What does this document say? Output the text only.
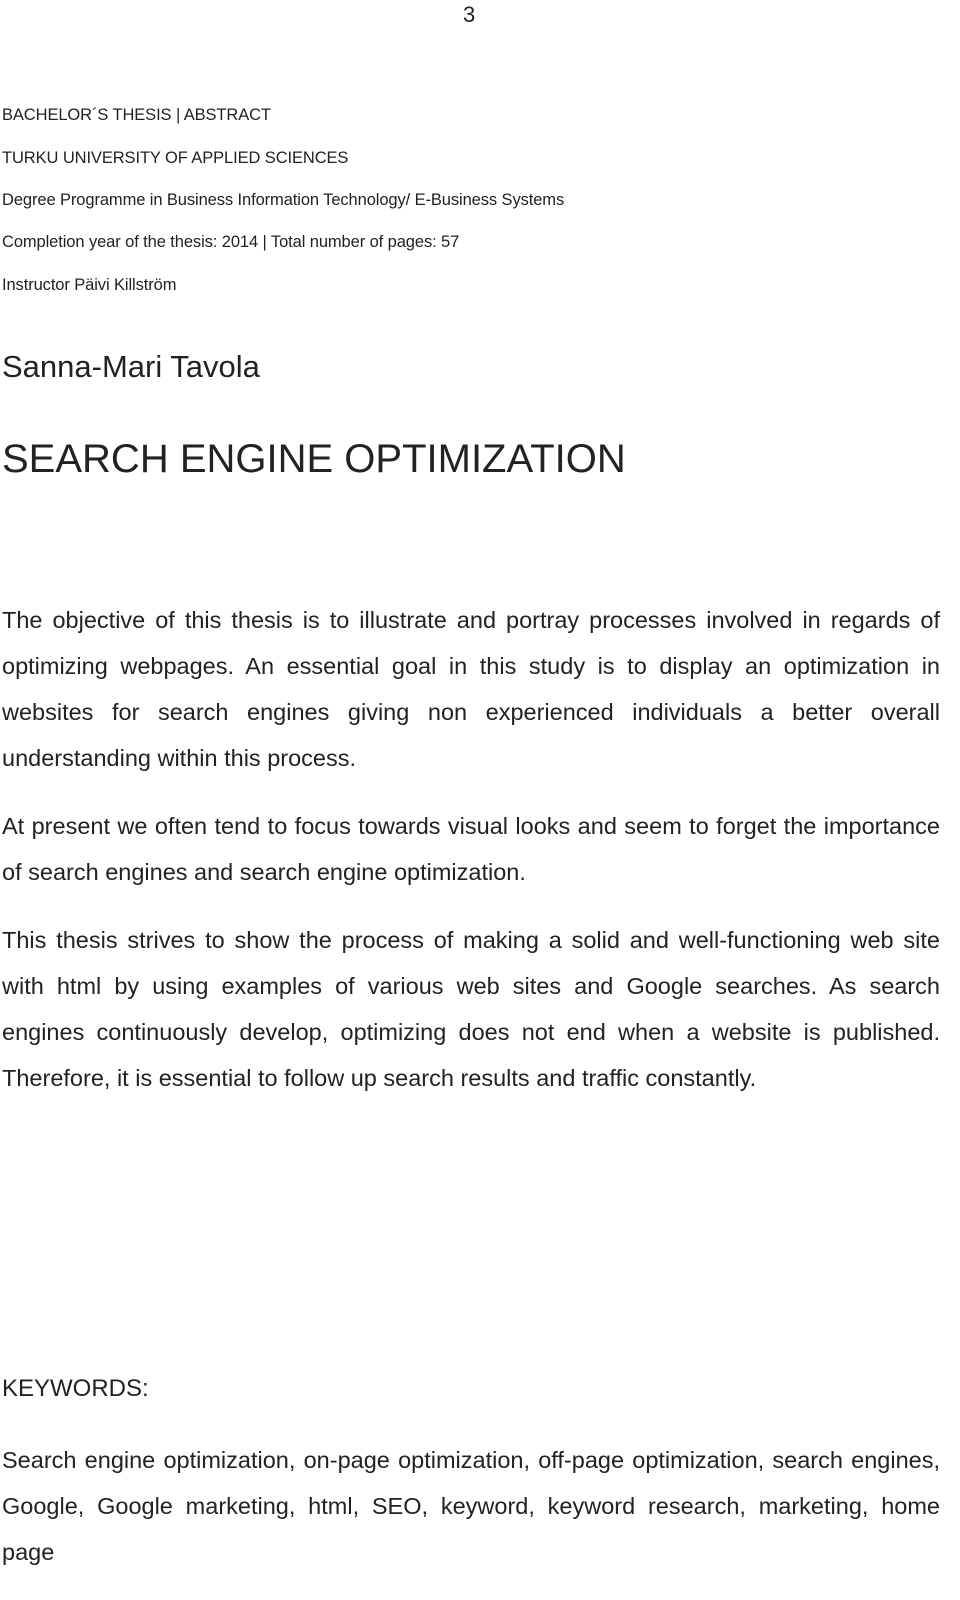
3
BACHELOR´S THESIS | ABSTRACT
TURKU UNIVERSITY OF APPLIED SCIENCES
Degree Programme in Business Information Technology/ E-Business Systems
Completion year of the thesis: 2014 | Total number of pages: 57
Instructor Päivi Killström
Sanna-Mari Tavola
SEARCH ENGINE OPTIMIZATION

The objective of this thesis is to illustrate and portray processes involved in regards of optimizing webpages. An essential goal in this study is to display an optimization in websites for search engines giving non experienced individuals a better overall understanding within this process.

At present we often tend to focus towards visual looks and seem to forget the importance of search engines and search engine optimization.

This thesis strives to show the process of making a solid and well-functioning web site with html by using examples of various web sites and Google searches. As search engines continuously develop, optimizing does not end when a website is published. Therefore, it is essential to follow up search results and traffic constantly.

KEYWORDS:
Search engine optimization, on-page optimization, off-page optimization, search engines, Google, Google marketing, html, SEO, keyword, keyword research, marketing, home page
